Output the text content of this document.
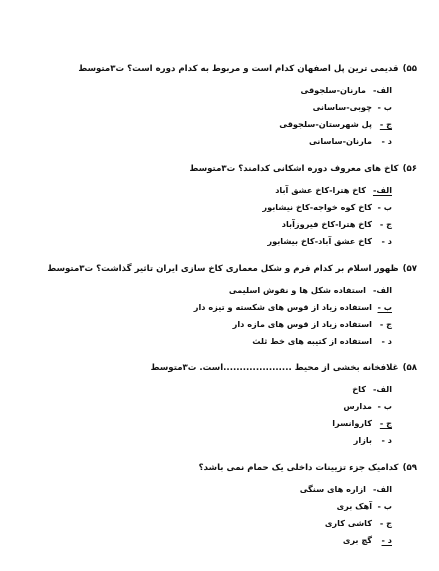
۵۵)
قدیمی ترین پل اصفهان کدام است و مربوط به کدام دوره است؟ ت۳متوسط
الف-
مارنان-سلجوقی
ب -
چوبی-ساسانی
ج -
پل شهرستان-سلجوقی
د -
مارنان-ساسانی
۵۶)
کاخ های معروف دوره اشکانی کدامند؟ ت۳متوسط
الف-
کاخ هترا-کاخ عشق آباد
ب -
کاخ کوه خواجه-کاخ نیشابور
ج -
کاخ هترا-کاخ فیروزآباد
د -
کاخ عشق آباد-کاخ بیشابور
۵۷)
ظهور اسلام بر کدام فرم و شکل معماری کاخ سازی ایران تاثیر گذاشت؟ ت۳متوسط
الف-
استفاده شکل ها و نقوش اسلیمی
ب -
استفاده زیاد از قوس های شکسته و تیزه دار
ج -
استفاده زیاد از قوس های مازه دار
د -
استفاده از کتیبه های خط ثلث
۵۸)
غلافخانه بخشی از محیط .....................است. ت۳متوسط
الف-
کاخ
ب -
مدارس
ج -
کاروانسرا
د -
بازار
۵۹)
کدامیک جزء تزیینات داخلی یک حمام نمی باشد؟
الف-
ازاره های سنگی
ب -
آهک بری
ج -
کاشی کاری
د -
گچ بری
